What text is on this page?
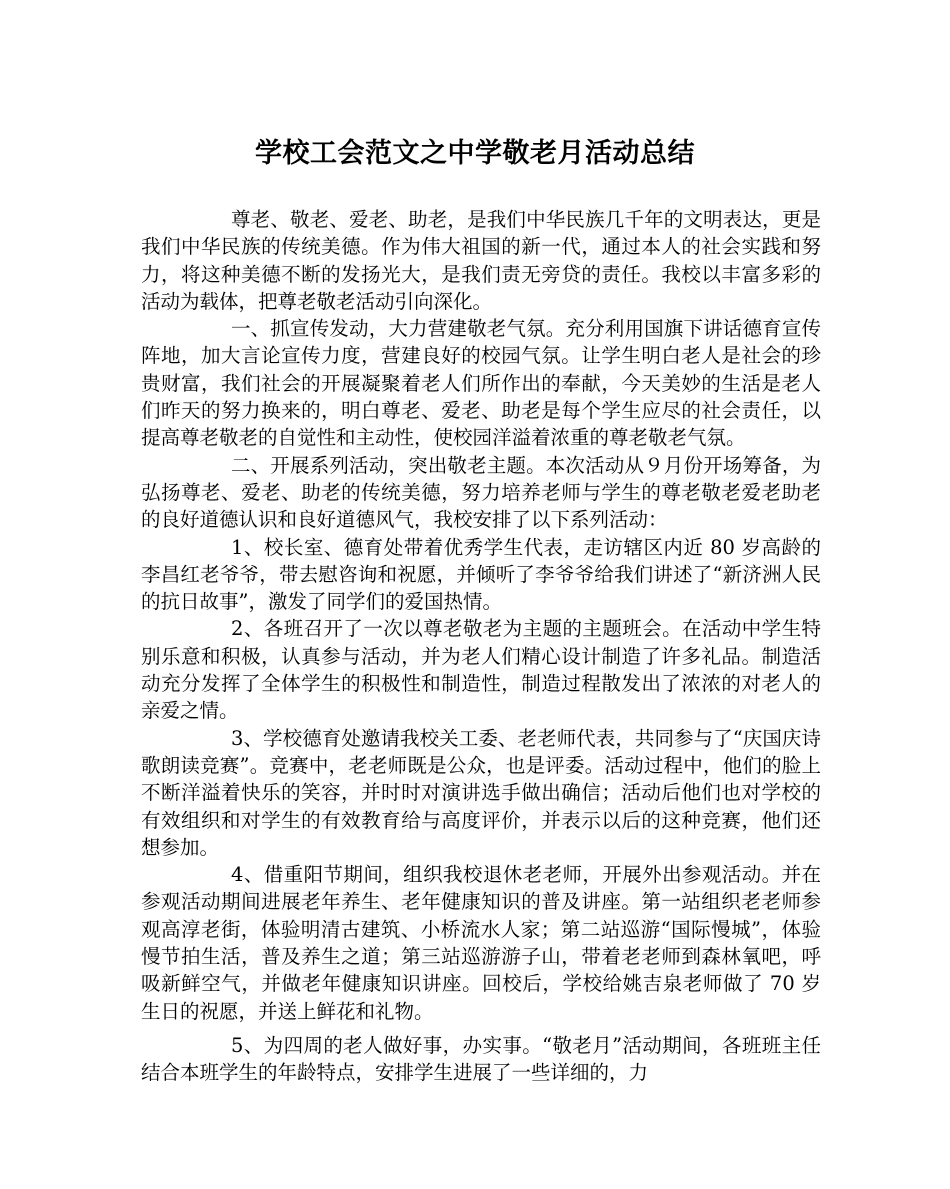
学校工会范文之中学敬老月活动总结

尊老、敬老、爱老、助老，是我们中华民族几千年的文明表达，更是我们中华民族的传统美德。作为伟大祖国的新一代，通过本人的社会实践和努力，将这种美德不断的发扬光大，是我们责无旁贷的责任。我校以丰富多彩的活动为载体，把尊老敬老活动引向深化。

一、抓宣传发动，大力营建敬老气氛。充分利用国旗下讲话德育宣传阵地，加大言论宣传力度，营建良好的校园气氛。让学生明白老人是社会的珍贵财富，我们社会的开展凝聚着老人们所作出的奉献，今天美妙的生活是老人们昨天的努力换来的，明白尊老、爱老、助老是每个学生应尽的社会责任，以提高尊老敬老的自觉性和主动性，使校园洋溢着浓重的尊老敬老气氛。

二、开展系列活动，突出敬老主题。本次活动从９月份开场筹备，为弘扬尊老、爱老、助老的传统美德，努力培养老师与学生的尊老敬老爱老助老的良好道德认识和良好道德风气，我校安排了以下系列活动：

1、校长室、德育处带着优秀学生代表，走访辖区内近 80 岁高龄的李昌红老爷爷，带去慰咨询和祝愿，并倾听了李爷爷给我们讲述了“新济洲人民的抗日故事”，激发了同学们的爱国热情。

2、各班召开了一次以尊老敬老为主题的主题班会。在活动中学生特别乐意和积极，认真参与活动，并为老人们精心设计制造了许多礼品。制造活动充分发挥了全体学生的积极性和制造性，制造过程散发出了浓浓的对老人的亲爱之情。

3、学校德育处邀请我校关工委、老老师代表，共同参与了“庆国庆诗歌朗读竞赛”。竞赛中，老老师既是公众，也是评委。活动过程中，他们的脸上不断洋溢着快乐的笑容，并时时对演讲选手做出确信；活动后他们也对学校的有效组织和对学生的有效教育给与高度评价，并表示以后的这种竞赛，他们还想参加。

4、借重阳节期间，组织我校退休老老师，开展外出参观活动。并在参观活动期间进展老年养生、老年健康知识的普及讲座。第一站组织老老师参观高淳老街，体验明清古建筑、小桥流水人家；第二站巡游“国际慢城”，体验慢节拍生活，普及养生之道；第三站巡游游子山，带着老老师到森林氧吧，呼吸新鲜空气，并做老年健康知识讲座。回校后，学校给姚吉泉老师做了 70 岁生日的祝愿，并送上鲜花和礼物。

5、为四周的老人做好事，办实事。“敬老月”活动期间，各班班主任结合本班学生的年龄特点，安排学生进展了一些详细的，力
